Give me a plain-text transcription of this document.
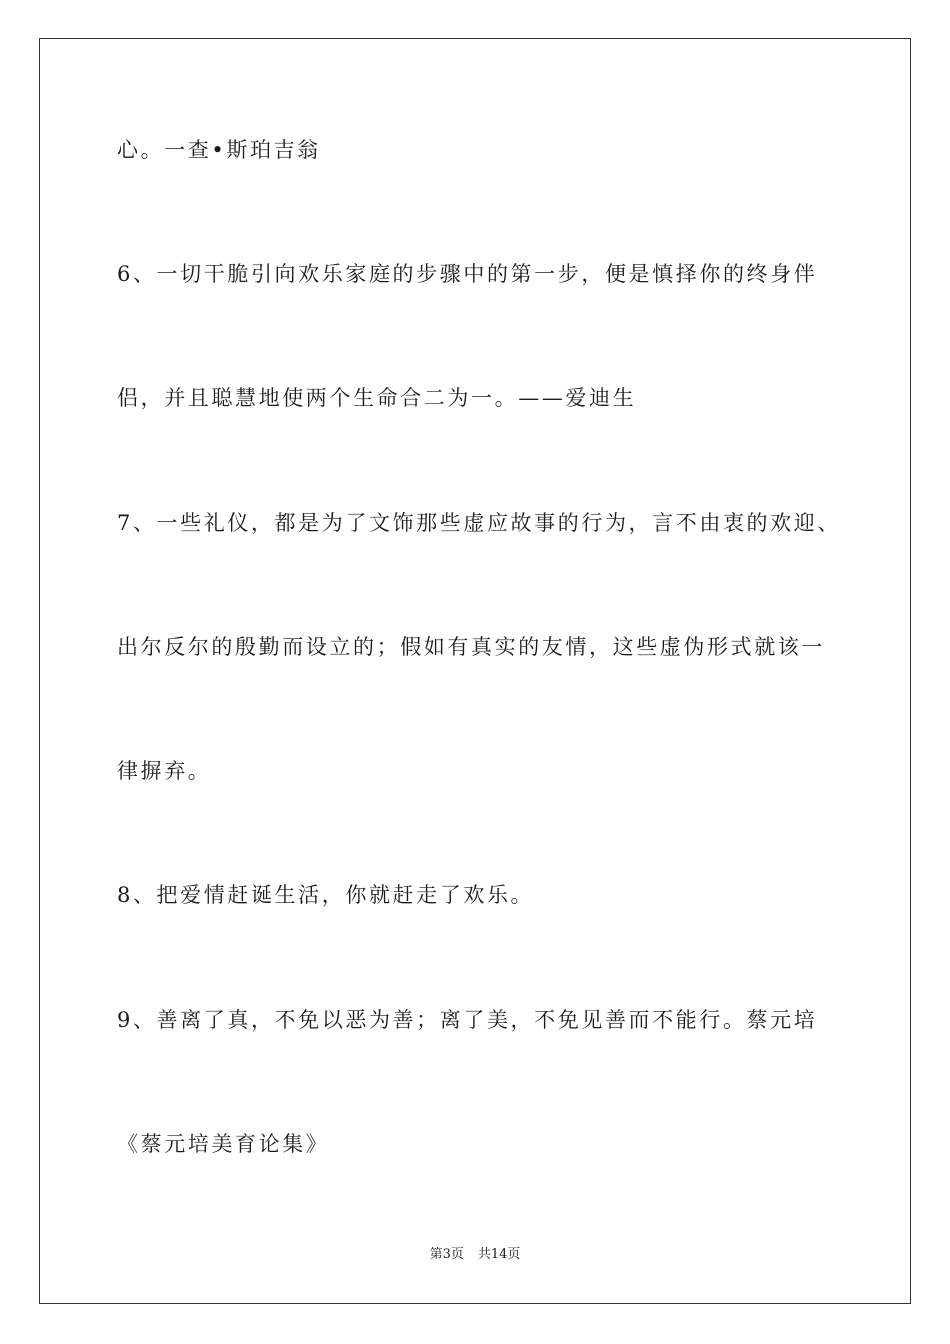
心。一查•斯珀吉翁
6、一切干脆引向欢乐家庭的步骤中的第一步，便是慎择你的终身伴
侣，并且聪慧地使两个生命合二为一。——爱迪生
7、一些礼仪，都是为了文饰那些虚应故事的行为，言不由衷的欢迎、
出尔反尔的殷勤而设立的；假如有真实的友情，这些虚伪形式就该一
律摒弃。
8、把爱情赶诞生活，你就赶走了欢乐。
9、善离了真，不免以恶为善；离了美，不免见善而不能行。蔡元培
《蔡元培美育论集》
第3页 共14页
